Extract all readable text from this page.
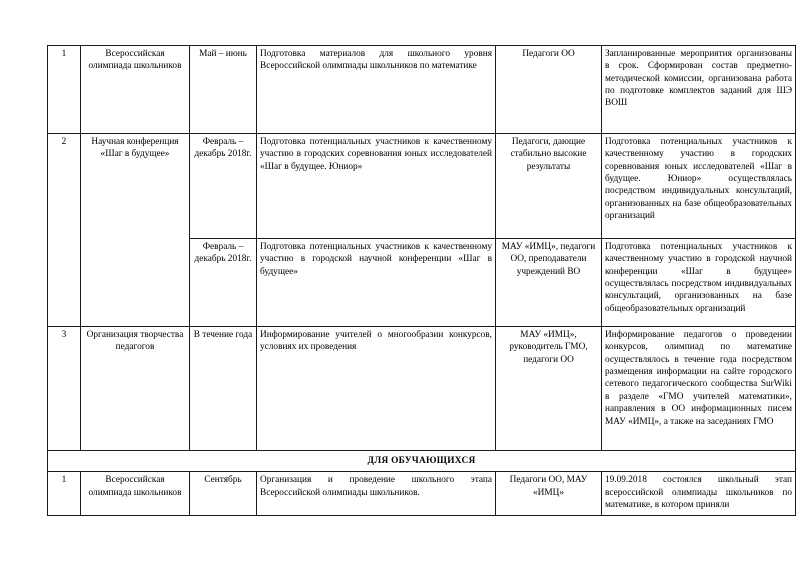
1	Всероссийская олимпиада школьников	Май – июнь	Подготовка материалов для школьного уровня Всероссийской олимпиады школьников по математике	Педагоги ОО	Запланированные мероприятия организованы в срок. Сформирован состав предметно-методической комиссии, организована работа по подготовке комплектов заданий для ШЭ ВОШ
2	Научная конференция «Шаг в будущее»	Февраль – декабрь 2018г.	Подготовка потенциальных участников к качественному участию в городских соревнования юных исследователей «Шаг в будущее. Юниор»	Педагоги, дающие стабильно высокие результаты	Подготовка потенциальных участников к качественному участию в городских соревнования юных исследователей «Шаг в будущее. Юниор» осуществлялась посредством индивидуальных консультаций, организованных на базе общеобразовательных организаций
		Февраль – декабрь 2018г.	Подготовка потенциальных участников к качественному участию в городской научной конференции «Шаг в будущее»	МАУ «ИМЦ», педагоги ОО, преподаватели учреждений ВО	Подготовка потенциальных участников к качественному участию в городской научной конференции «Шаг в будущее» осуществлялась посредством индивидуальных консультаций, организованных на базе общеобразовательных организаций
3	Организация творчества педагогов	В течение года	Информирование учителей о многообразии конкурсов, условиях их проведения	МАУ «ИМЦ», руководитель ГМО, педагоги ОО	Информирование педагогов о проведении конкурсов, олимпиад по математике осуществлялось в течение года посредством размещения информации на сайте городского сетевого педагогического сообщества SurWiki в разделе «ГМО учителей математики», направления в ОО информационных писем МАУ «ИМЦ», а также на заседаниях ГМО
ДЛЯ ОБУЧАЮЩИХСЯ					
1	Всероссийская олимпиада школьников	Сентябрь	Организация и проведение школьного этапа Всероссийской олимпиады школьников.	Педагоги ОО, МАУ «ИМЦ»	19.09.2018 состоялся школьный этап всероссийской олимпиады школьников по математике, в котором приняли
